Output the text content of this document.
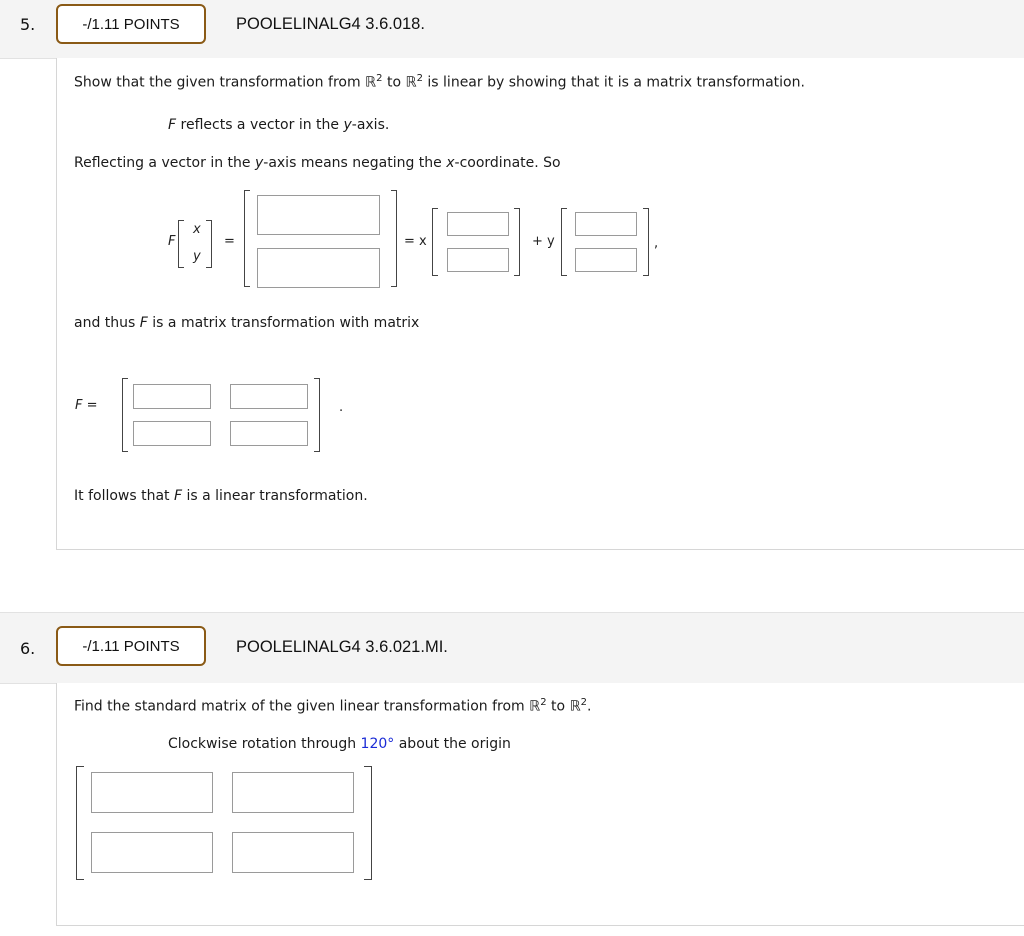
5.	-/1.11 POINTS	POOLELINALG4 3.6.018.
Show that the given transformation from ℝ$^2$ to ℝ$^2$ is linear by showing that it is a matrix transformation.
F reflects a vector in the y-axis.
Reflecting a vector in the y-axis means negating the x-coordinate. So
F
x
y
=	= x	+ y	,
and thus F is a matrix transformation with matrix
F =	.
It follows that F is a linear transformation.
6.	-/1.11 POINTS	POOLELINALG4 3.6.021.MI.
Find the standard matrix of the given linear transformation from ℝ$^2$ to ℝ$^2$.
Clockwise rotation through 120° about the origin
